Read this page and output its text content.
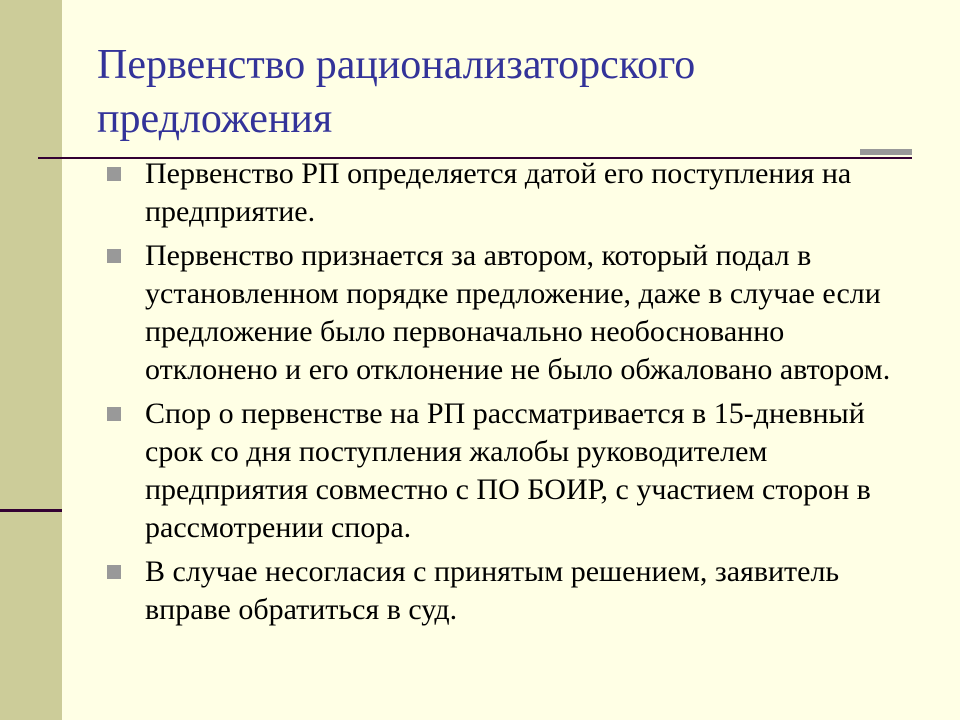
Первенство рационализаторского предложения
Первенство РП определяется датой его поступления на предприятие.
Первенство признается за автором, который подал в установленном порядке предложение, даже в случае если предложение было первоначально необоснованно отклонено и его отклонение не было обжаловано автором.
Спор о первенстве на РП рассматривается в 15-дневный срок со дня поступления жалобы руководителем предприятия совместно с ПО БОИР, с участием сторон в рассмотрении спора.
В случае несогласия с принятым решением, заявитель вправе обратиться в суд.
